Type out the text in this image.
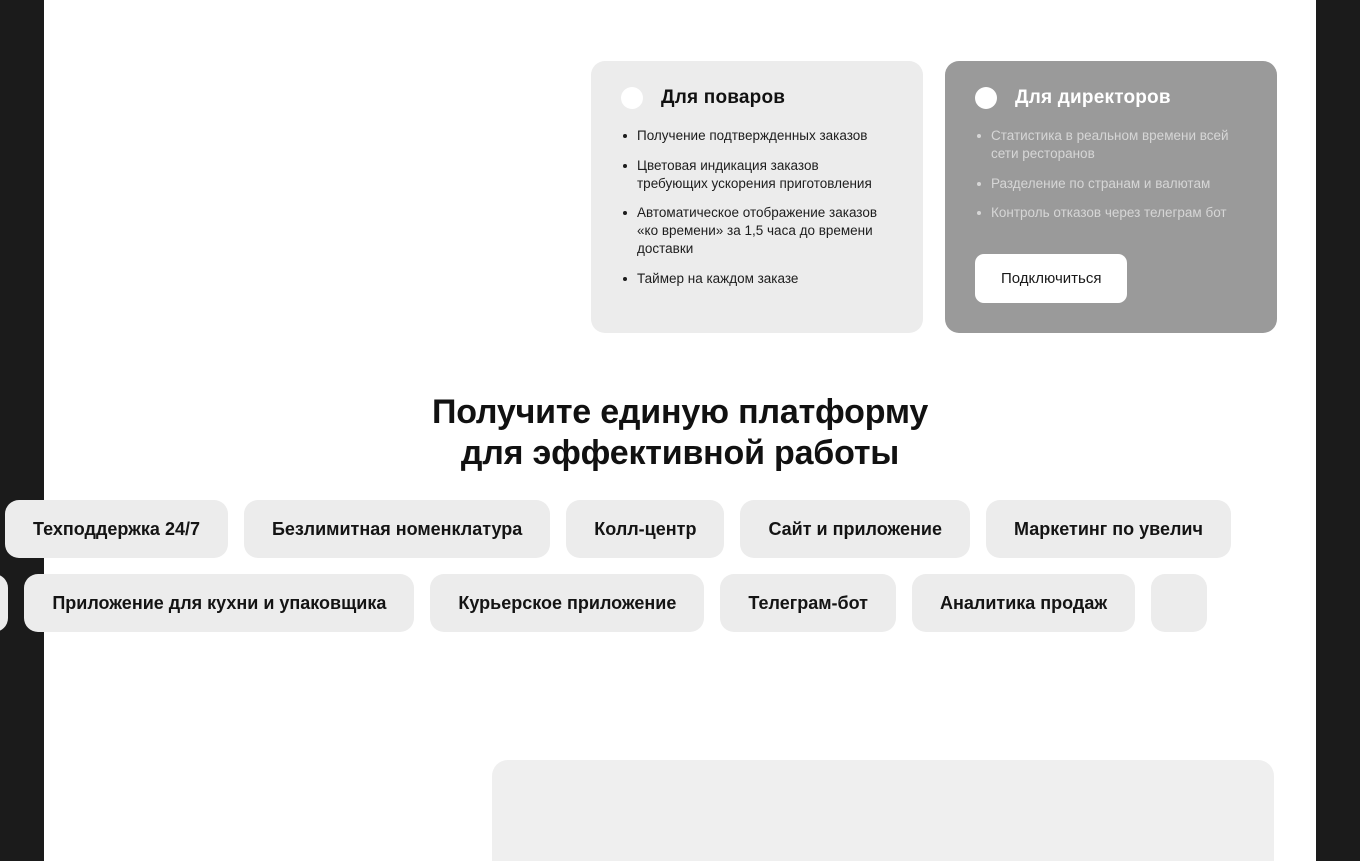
Для поваров
Получение подтвержденных заказов
Цветовая индикация заказов требующих ускорения приготовления
Автоматическое отображение заказов «ко времени» за 1,5 часа до времени доставки
Таймер на каждом заказе
Для директоров
Статистика в реальном времени всей сети ресторанов
Разделение по странам и валютам
Контроль отказов через телеграм бот
Подключиться
Получите единую платформу
для эффективной работы
Техподдержка 24/7	Безлимитная номенклатура	Колл-центр	Сайт и приложение	Маркетинг по увелич
Приложение для кухни и упаковщика	Курьерское приложение	Телеграм-бот	Аналитика продаж
